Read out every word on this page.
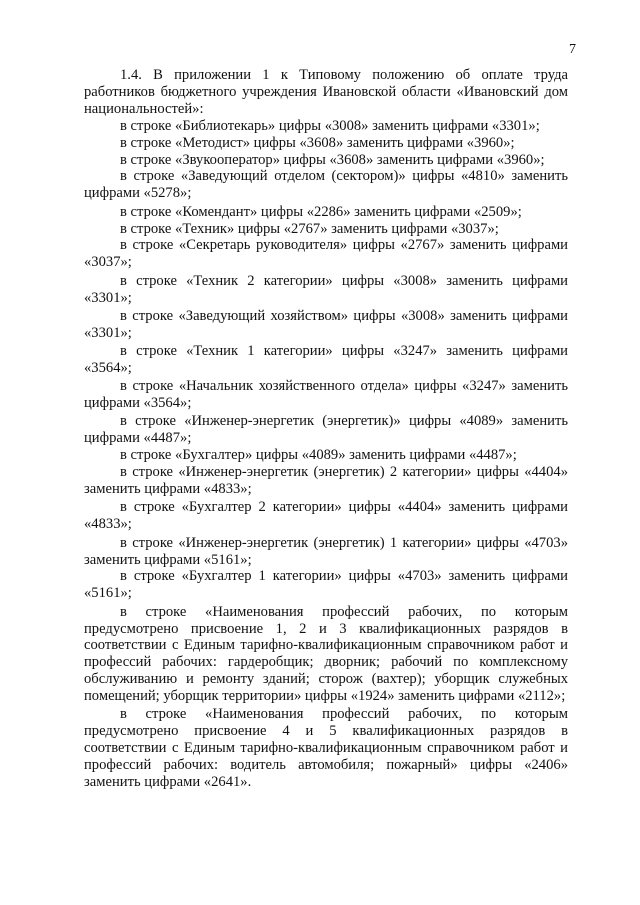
7

1.4. В приложении 1 к Типовому положению об оплате труда работников бюджетного учреждения Ивановской области «Ивановский дом национальностей»:

в строке «Библиотекарь» цифры «3008» заменить цифрами «3301»;

в строке «Методист» цифры «3608» заменить цифрами «3960»;

в строке «Звукооператор» цифры «3608» заменить цифрами «3960»;

в строке «Заведующий отделом (сектором)» цифры «4810» заменить цифрами «5278»;

в строке «Комендант» цифры «2286» заменить цифрами «2509»;

в строке «Техник» цифры «2767» заменить цифрами «3037»;

в строке «Секретарь руководителя» цифры «2767» заменить цифрами «3037»;

в строке «Техник 2 категории» цифры «3008» заменить цифрами «3301»;

в строке «Заведующий хозяйством» цифры «3008» заменить цифрами «3301»;

в строке «Техник 1 категории» цифры «3247» заменить цифрами «3564»;

в строке «Начальник хозяйственного отдела» цифры «3247» заменить цифрами «3564»;

в строке «Инженер-энергетик (энергетик)» цифры «4089» заменить цифрами «4487»;

в строке «Бухгалтер» цифры «4089» заменить цифрами «4487»;

в строке «Инженер-энергетик (энергетик) 2 категории» цифры «4404» заменить цифрами «4833»;

в строке «Бухгалтер 2 категории» цифры «4404» заменить цифрами «4833»;

в строке «Инженер-энергетик (энергетик) 1 категории» цифры «4703» заменить цифрами «5161»;

в строке «Бухгалтер 1 категории» цифры «4703» заменить цифрами «5161»;

в строке «Наименования профессий рабочих, по которым предусмотрено присвоение 1, 2 и 3 квалификационных разрядов в соответствии с Единым тарифно-квалификационным справочником работ и профессий рабочих: гардеробщик; дворник; рабочий по комплексному обслуживанию и ремонту зданий; сторож (вахтер); уборщик служебных помещений; уборщик территории» цифры «1924» заменить цифрами «2112»;

в строке «Наименования профессий рабочих, по которым предусмотрено присвоение 4 и 5 квалификационных разрядов в соответствии с Единым тарифно-квалификационным справочником работ и профессий рабочих: водитель автомобиля; пожарный» цифры «2406» заменить цифрами «2641».
